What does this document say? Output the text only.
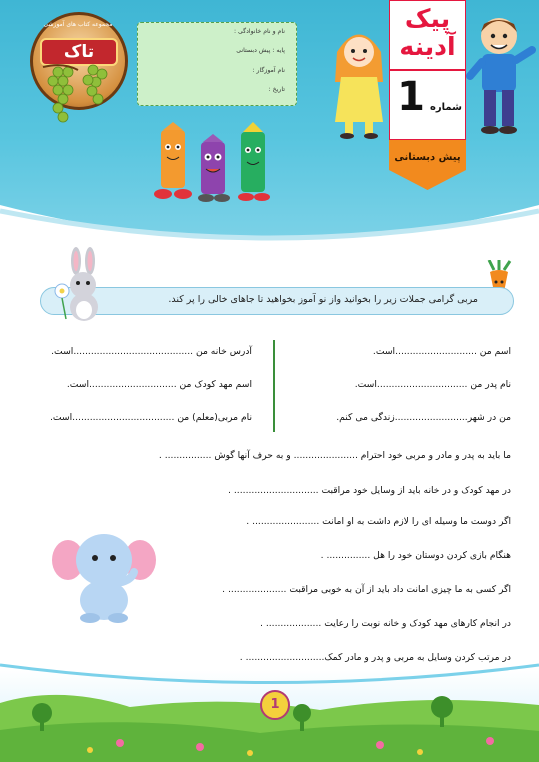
مجموعه کتاب های آموزشی
تاک
نام و نام خانوادگی :
پایه : پیش دبستانی
نام آموزگار :
تاریخ :
پیک
آدینه
1 شماره
پیش دبستانی
مربی گرامی جملات زیر را بخوانید واز نو آموز بخواهید تا جاهای خالی را پر کند.
اسم من ............................است.
نام پدر من ...............................است.
من در شهر.........................زندگی می کنم.
آدرس خانه من .........................................است.
اسم مهد کودک من ..............................است.
نام مربی(معلم) من ...................................است.
ما باید به پدر و مادر و مربی خود احترام ...................... و به حرف آنها گوش ................ .
در مهد کودک و در خانه باید از وسایل خود مراقبت ............................. .
اگر دوست ما وسیله ای را لازم داشت به او امانت ....................... .
هنگام بازی کردن دوستان خود را هل ............... .
اگر کسی به ما چیزی امانت داد باید از آن به خوبی مراقبت .................... .
در انجام کارهای مهد کودک و خانه نوبت را رعایت ................... .
در مرتب کردن وسایل به مربی و پدر و مادر کمک........................... .
1
